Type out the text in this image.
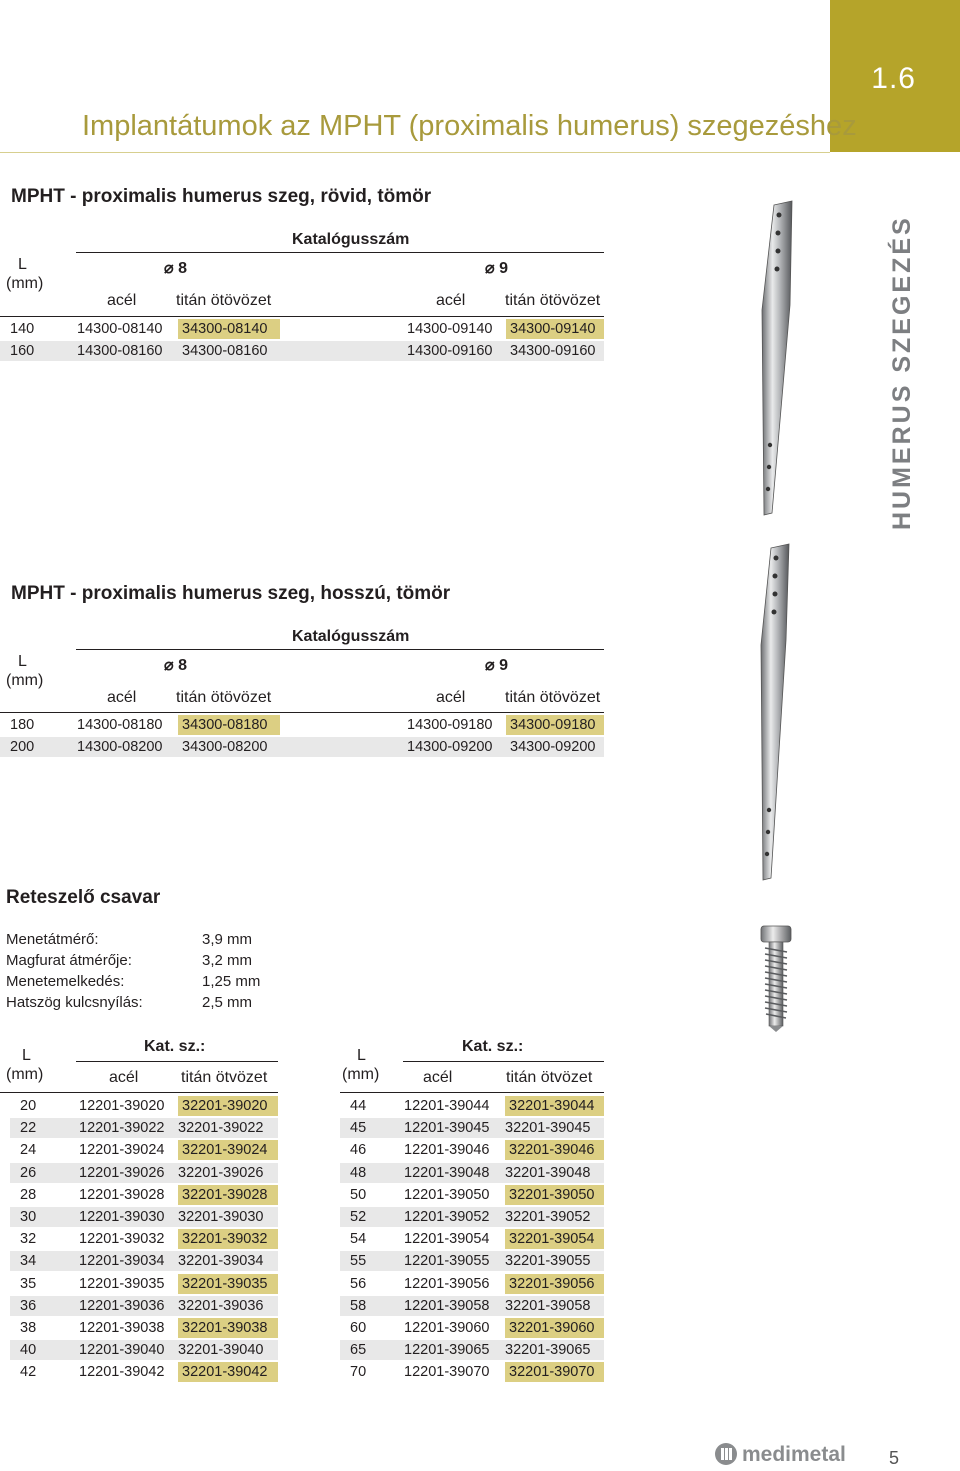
1.6
Implantátumok az MPHT (proximalis humerus) szegezéshez
HUMERUS SZEGEZÉS
MPHT - proximalis humerus szeg, rövid, tömör
Katalógusszám
L
(mm)
⌀ 8	⌀ 9
acél titán ötövözet	acél titán ötövözet
140	14300-08140 34300-08140	14300-09140 34300-09140
160	14300-08160 34300-08160	14300-09160 34300-09160
MPHT - proximalis humerus szeg, hosszú, tömör
Katalógusszám
L
(mm)
⌀ 8	⌀ 9
acél titán ötövözet	acél titán ötövözet
180	14300-08180 34300-08180	14300-09180 34300-09180
200	14300-08200 34300-08200	14300-09200 34300-09200
Reteszelő csavar
Menetátmérő:	3,9 mm
Magfurat átmérője:	3,2 mm
Menetemelkedés:	1,25 mm
Hatszög kulcsnyílás:	2,5 mm
L
(mm)
Kat. sz.:
acél	titán ötvözet
20	12201-39020 32201-39020
22	12201-39022 32201-39022
24	12201-39024 32201-39024
26	12201-39026 32201-39026
28	12201-39028 32201-39028
30	12201-39030 32201-39030
32	12201-39032 32201-39032
34	12201-39034 32201-39034
35	12201-39035 32201-39035
36	12201-39036 32201-39036
38	12201-39038 32201-39038
40	12201-39040 32201-39040
42	12201-39042 32201-39042
L
(mm)
Kat. sz.:
acél	titán ötvözet
44	12201-39044 32201-39044
45	12201-39045 32201-39045
46	12201-39046 32201-39046
48	12201-39048 32201-39048
50	12201-39050 32201-39050
52	12201-39052 32201-39052
54	12201-39054 32201-39054
55	12201-39055 32201-39055
56	12201-39056 32201-39056
58	12201-39058 32201-39058
60	12201-39060 32201-39060
65	12201-39065 32201-39065
70	12201-39070 32201-39070
medimetal 5
